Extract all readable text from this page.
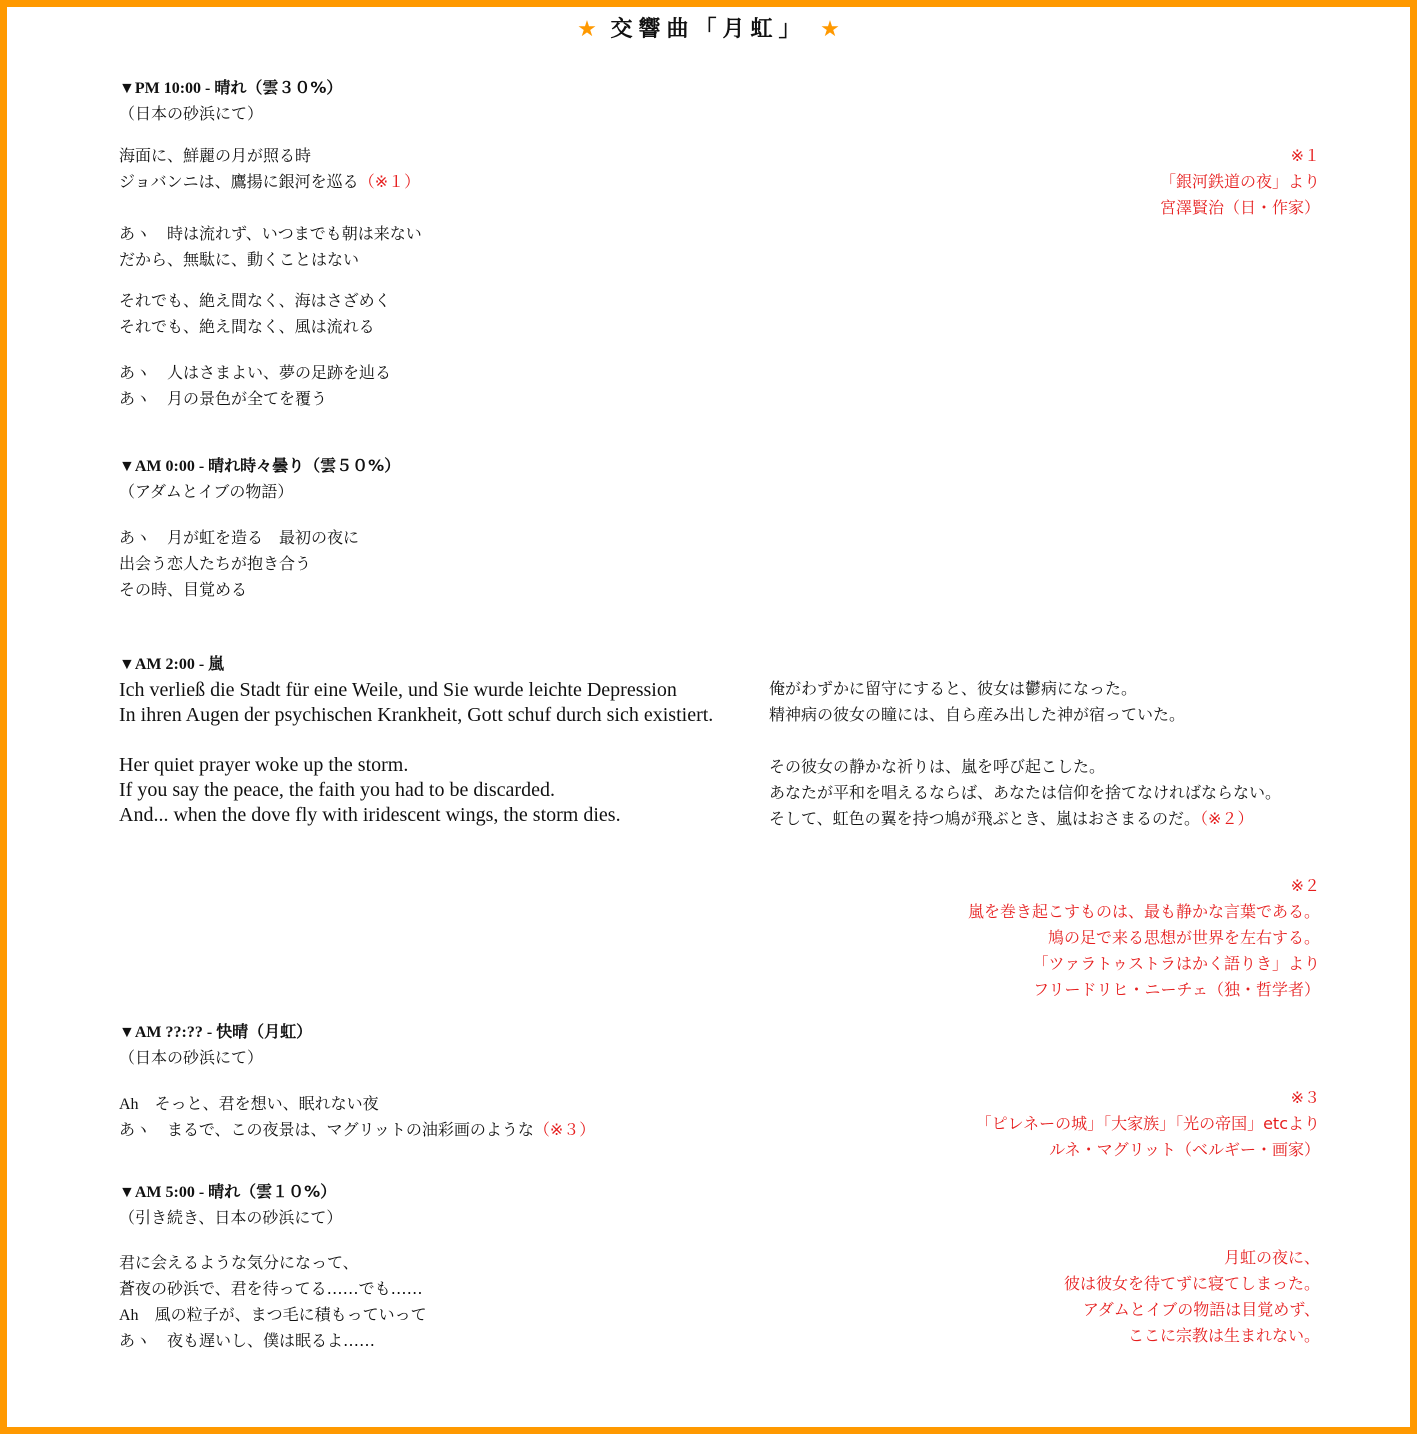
★ 交響曲「月虹」 ★
▼PM 10:00 - 晴れ（雲３０%）
（日本の砂浜にて）
海面に、鮮麗の月が照る時
ジョバンニは、鷹揚に銀河を巡る（※１）
あヽ　時は流れず、いつまでも朝は来ない
だから、無駄に、動くことはない
それでも、絶え間なく、海はさざめく
それでも、絶え間なく、風は流れる
あヽ　人はさまよい、夢の足跡を辿る
あヽ　月の景色が全てを覆う
※１
「銀河鉄道の夜」より
宮澤賢治（日・作家）
▼AM 0:00 - 晴れ時々曇り（雲５０%）
（アダムとイブの物語）
あヽ　月が虹を造る　最初の夜に
出会う恋人たちが抱き合う
その時、目覚める
▼AM 2:00 - 嵐
Ich verließ die Stadt für eine Weile, und Sie wurde leichte Depression
In ihren Augen der psychischen Krankheit, Gott schuf durch sich existiert.
Her quiet prayer woke up the storm.
If you say the peace, the faith you had to be discarded.
And... when the dove fly with iridescent wings, the storm dies.
俺がわずかに留守にすると、彼女は鬱病になった。
精神病の彼女の瞳には、自ら産み出した神が宿っていた。
その彼女の静かな祈りは、嵐を呼び起こした。
あなたが平和を唱えるならば、あなたは信仰を捨てなければならない。
そして、虹色の翼を持つ鳩が飛ぶとき、嵐はおさまるのだ。（※２）
※２
嵐を巻き起こすものは、最も静かな言葉である。
鳩の足で来る思想が世界を左右する。
「ツァラトゥストラはかく語りき」より
フリードリヒ・ニーチェ（独・哲学者）
▼AM ??:?? - 快晴（月虹）
（日本の砂浜にて）
Ah　そっと、君を想い、眠れない夜
あヽ　まるで、この夜景は、マグリットの油彩画のような（※３）
※３
「ピレネーの城」「大家族」「光の帝国」etcより
ルネ・マグリット（ベルギー・画家）
▼AM 5:00 - 晴れ（雲１０%）
（引き続き、日本の砂浜にて）
君に会えるような気分になって、
蒼夜の砂浜で、君を待ってる……でも……
Ah　風の粒子が、まつ毛に積もっていって
あヽ　夜も遅いし、僕は眠るよ……
月虹の夜に、
彼は彼女を待てずに寝てしまった。
アダムとイブの物語は目覚めず、
ここに宗教は生まれない。
